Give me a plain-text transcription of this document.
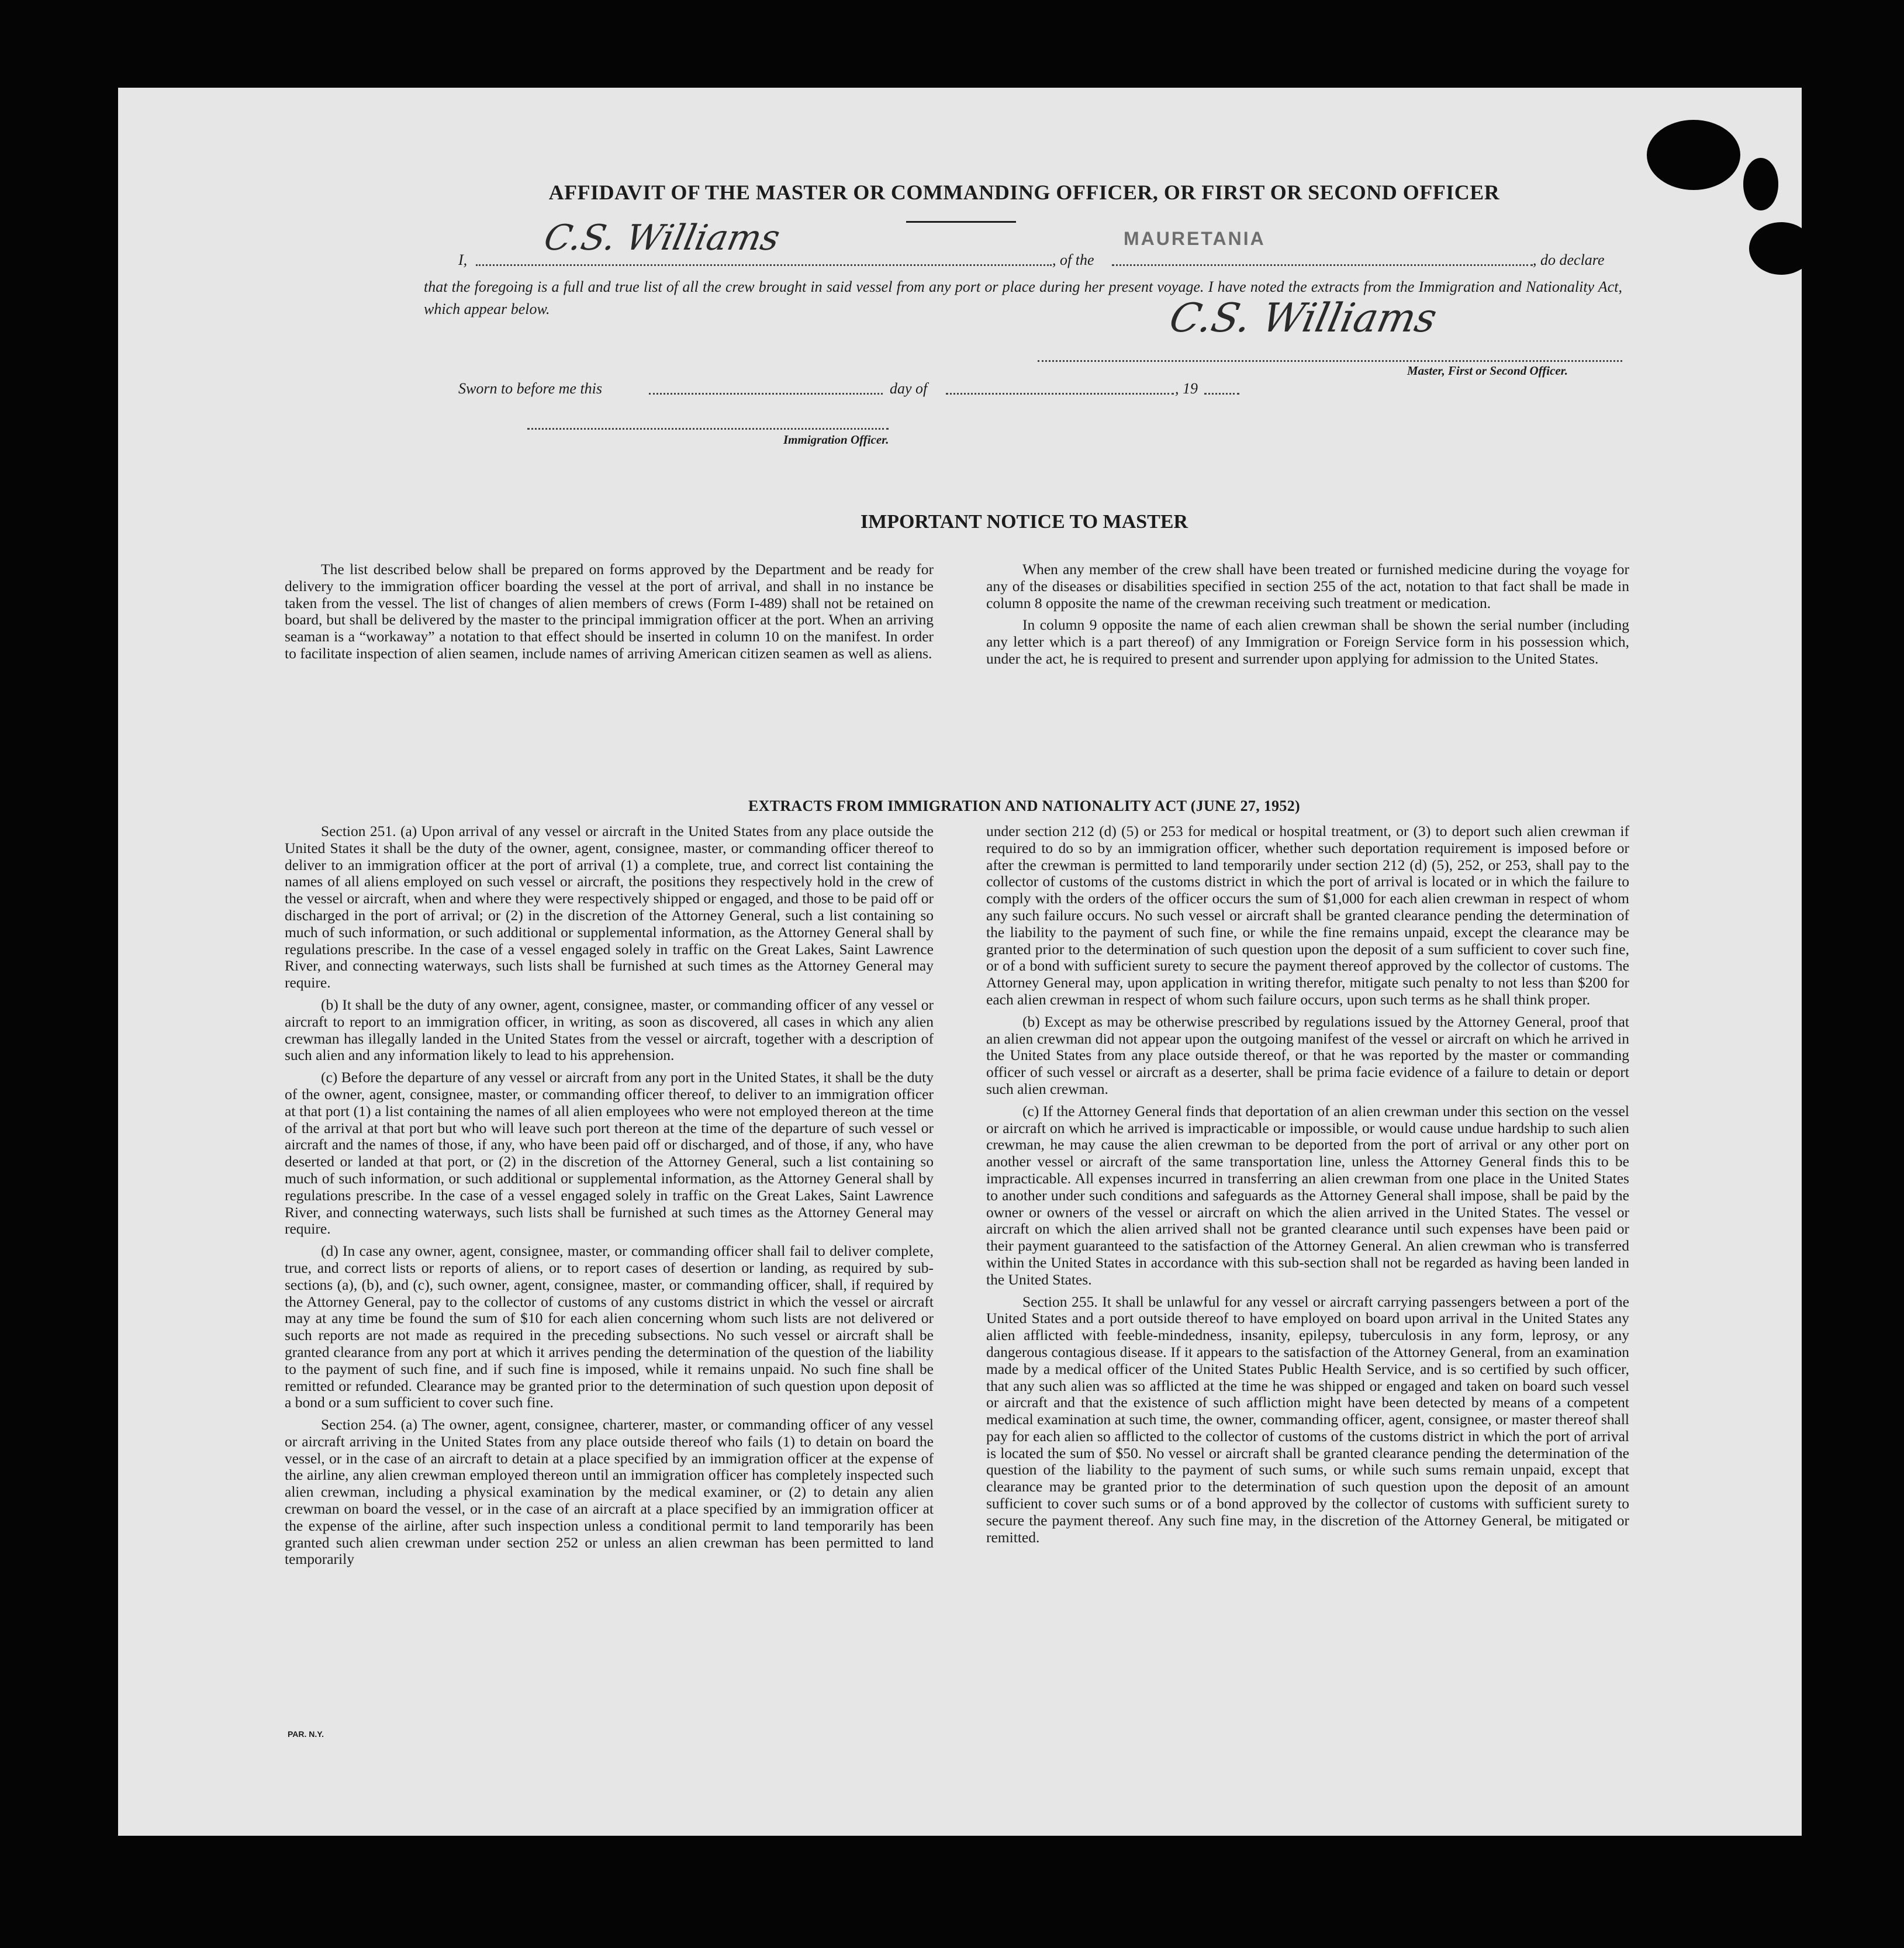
AFFIDAVIT OF THE MASTER OR COMMANDING OFFICER, OR FIRST OR SECOND OFFICER
I,
C.S. Williams
, of the
MAURETANIA
, do declare
that the foregoing is a full and true list of all the crew brought in said vessel from any port or place during her present voyage. I have noted the extracts from the Immigration and Nationality Act, which appear below.	C.S. Williams
Master, First or Second Officer.
Sworn to before me this	day of	, 19
Immigration Officer.
IMPORTANT NOTICE TO MASTER

The list described below shall be prepared on forms approved by the Department and be ready for delivery to the immigration officer boarding the vessel at the port of arrival, and shall in no instance be taken from the vessel. The list of changes of alien members of crews (Form I-489) shall not be retained on board, but shall be delivered by the master to the principal immigration officer at the port. When an arriving seaman is a “workaway” a notation to that effect should be inserted in column 10 on the manifest. In order to facilitate inspection of alien seamen, include names of arriving American citizen seamen as well as aliens.

When any member of the crew shall have been treated or furnished medicine during the voyage for any of the diseases or disabilities specified in section 255 of the act, notation to that fact shall be made in column 8 opposite the name of the crewman receiving such treatment or medication.

In column 9 opposite the name of each alien crewman shall be shown the serial number (including any letter which is a part thereof) of any Immigration or Foreign Service form in his possession which, under the act, he is required to present and surrender upon applying for admission to the United States.

EXTRACTS FROM IMMIGRATION AND NATIONALITY ACT (JUNE 27, 1952)

Section 251. (a) Upon arrival of any vessel or aircraft in the United States from any place outside the United States it shall be the duty of the owner, agent, consignee, master, or commanding officer thereof to deliver to an immigration officer at the port of arrival (1) a complete, true, and correct list containing the names of all aliens employed on such vessel or aircraft, the positions they respectively hold in the crew of the vessel or aircraft, when and where they were respectively shipped or engaged, and those to be paid off or discharged in the port of arrival; or (2) in the discretion of the Attorney General, such a list containing so much of such information, or such additional or supplemental information, as the Attorney General shall by regulations prescribe. In the case of a vessel engaged solely in traffic on the Great Lakes, Saint Lawrence River, and connecting waterways, such lists shall be furnished at such times as the Attorney General may require.

(b) It shall be the duty of any owner, agent, consignee, master, or commanding officer of any vessel or aircraft to report to an immigration officer, in writing, as soon as discovered, all cases in which any alien crewman has illegally landed in the United States from the vessel or aircraft, together with a description of such alien and any information likely to lead to his apprehension.

(c) Before the departure of any vessel or aircraft from any port in the United States, it shall be the duty of the owner, agent, consignee, master, or commanding officer thereof, to deliver to an immigration officer at that port (1) a list containing the names of all alien employees who were not employed thereon at the time of the arrival at that port but who will leave such port thereon at the time of the departure of such vessel or aircraft and the names of those, if any, who have been paid off or discharged, and of those, if any, who have deserted or landed at that port, or (2) in the discretion of the Attorney General, such a list containing so much of such information, or such additional or supplemental information, as the Attorney General shall by regulations prescribe. In the case of a vessel engaged solely in traffic on the Great Lakes, Saint Lawrence River, and connecting waterways, such lists shall be furnished at such times as the Attorney General may require.

(d) In case any owner, agent, consignee, master, or commanding officer shall fail to deliver complete, true, and correct lists or reports of aliens, or to report cases of desertion or landing, as required by sub-sections (a), (b), and (c), such owner, agent, consignee, master, or commanding officer, shall, if required by the Attorney General, pay to the collector of customs of any customs district in which the vessel or aircraft may at any time be found the sum of $10 for each alien concerning whom such lists are not delivered or such reports are not made as required in the preceding subsections. No such vessel or aircraft shall be granted clearance from any port at which it arrives pending the determination of the question of the liability to the payment of such fine, and if such fine is imposed, while it remains unpaid. No such fine shall be remitted or refunded. Clearance may be granted prior to the determination of such question upon deposit of a bond or a sum sufficient to cover such fine.

Section 254. (a) The owner, agent, consignee, charterer, master, or commanding officer of any vessel or aircraft arriving in the United States from any place outside thereof who fails (1) to detain on board the vessel, or in the case of an aircraft to detain at a place specified by an immigration officer at the expense of the airline, any alien crewman employed thereon until an immigration officer has completely inspected such alien crewman, including a physical examination by the medical examiner, or (2) to detain any alien crewman on board the vessel, or in the case of an aircraft at a place specified by an immigration officer at the expense of the airline, after such inspection unless a conditional permit to land temporarily has been granted such alien crewman under section 252 or unless an alien crewman has been permitted to land temporarily

under section 212 (d) (5) or 253 for medical or hospital treatment, or (3) to deport such alien crewman if required to do so by an immigration officer, whether such deportation requirement is imposed before or after the crewman is permitted to land temporarily under section 212 (d) (5), 252, or 253, shall pay to the collector of customs of the customs district in which the port of arrival is located or in which the failure to comply with the orders of the officer occurs the sum of $1,000 for each alien crewman in respect of whom any such failure occurs. No such vessel or aircraft shall be granted clearance pending the determination of the liability to the payment of such fine, or while the fine remains unpaid, except the clearance may be granted prior to the determination of such question upon the deposit of a sum sufficient to cover such fine, or of a bond with sufficient surety to secure the payment thereof approved by the collector of customs. The Attorney General may, upon application in writing therefor, mitigate such penalty to not less than $200 for each alien crewman in respect of whom such failure occurs, upon such terms as he shall think proper.

(b) Except as may be otherwise prescribed by regulations issued by the Attorney General, proof that an alien crewman did not appear upon the outgoing manifest of the vessel or aircraft on which he arrived in the United States from any place outside thereof, or that he was reported by the master or commanding officer of such vessel or aircraft as a deserter, shall be prima facie evidence of a failure to detain or deport such alien crewman.

(c) If the Attorney General finds that deportation of an alien crewman under this section on the vessel or aircraft on which he arrived is impracticable or impossible, or would cause undue hardship to such alien crewman, he may cause the alien crewman to be deported from the port of arrival or any other port on another vessel or aircraft of the same transportation line, unless the Attorney General finds this to be impracticable. All expenses incurred in transferring an alien crewman from one place in the United States to another under such conditions and safeguards as the Attorney General shall impose, shall be paid by the owner or owners of the vessel or aircraft on which the alien arrived in the United States. The vessel or aircraft on which the alien arrived shall not be granted clearance until such expenses have been paid or their payment guaranteed to the satisfaction of the Attorney General. An alien crewman who is transferred within the United States in accordance with this sub-section shall not be regarded as having been landed in the United States.

Section 255. It shall be unlawful for any vessel or aircraft carrying passengers between a port of the United States and a port outside thereof to have employed on board upon arrival in the United States any alien afflicted with feeble-mindedness, insanity, epilepsy, tuberculosis in any form, leprosy, or any dangerous contagious disease. If it appears to the satisfaction of the Attorney General, from an examination made by a medical officer of the United States Public Health Service, and is so certified by such officer, that any such alien was so afflicted at the time he was shipped or engaged and taken on board such vessel or aircraft and that the existence of such affliction might have been detected by means of a competent medical examination at such time, the owner, commanding officer, agent, consignee, or master thereof shall pay for each alien so afflicted to the collector of customs of the customs district in which the port of arrival is located the sum of $50. No vessel or aircraft shall be granted clearance pending the determination of the question of the liability to the payment of such sums, or while such sums remain unpaid, except that clearance may be granted prior to the determination of such question upon the deposit of an amount sufficient to cover such sums or of a bond approved by the collector of customs with sufficient surety to secure the payment thereof. Any such fine may, in the discretion of the Attorney General, be mitigated or remitted.

PAR. N.Y.
